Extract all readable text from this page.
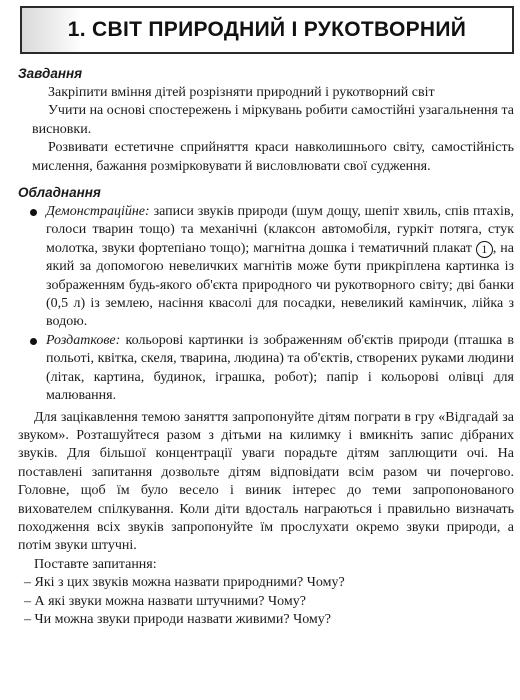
1. СВІТ ПРИРОДНИЙ І РУКОТВОРНИЙ

Завдання

Закріпити вміння дітей розрізняти природний і рукотворний світ

Учити на основі спостережень і міркувань робити самостійні узагальнення та висновки.

Розвивати естетичне сприйняття краси навколишнього світу, самостійність мислення, бажання розмірковувати й висловлювати свої судження.

Обладнання

Демонстраційне: записи звуків природи (шум дощу, шепіт хвиль, спів птахів, голоси тварин тощо) та механічні (клаксон автомобіля, гуркіт потяга, стук молотка, звуки фортепіано тощо); магнітна дошка і тематичний плакат 1 , на який за допомогою невеличких магнітів може бути прикріплена картинка із зображенням будь-якого об'єкта природного чи рукотворного світу; дві банки (0,5 л) із землею, насіння квасолі для посадки, невеликий камінчик, лійка з водою.
Роздаткове: кольорові картинки із зображенням об'єктів природи (пташка в польоті, квітка, скеля, тварина, людина) та об'єктів, створених руками людини (літак, картина, будинок, іграшка, робот); папір і кольорові олівці для малювання.

Для зацікавлення темою заняття запропонуйте дітям пограти в гру «Відгадай за звуком». Розташуйтеся разом з дітьми на килимку і вмикніть запис дібраних звуків. Для більшої концентрації уваги порадьте дітям заплющити очі. На поставлені запитання дозвольте дітям відповідати всім разом чи почергово. Головне, щоб їм було весело і виник інтерес до теми запропонованого вихователем спілкування. Коли діти вдосталь награються і правильно визначать походження всіх звуків запропонуйте їм прослухати окремо звуки природи, а потім звуки штучні.

Поставте запитання:

– Які з цих звуків можна назвати природними? Чому?
– А які звуки можна назвати штучними? Чому?
– Чи можна звуки природи назвати живими? Чому?
